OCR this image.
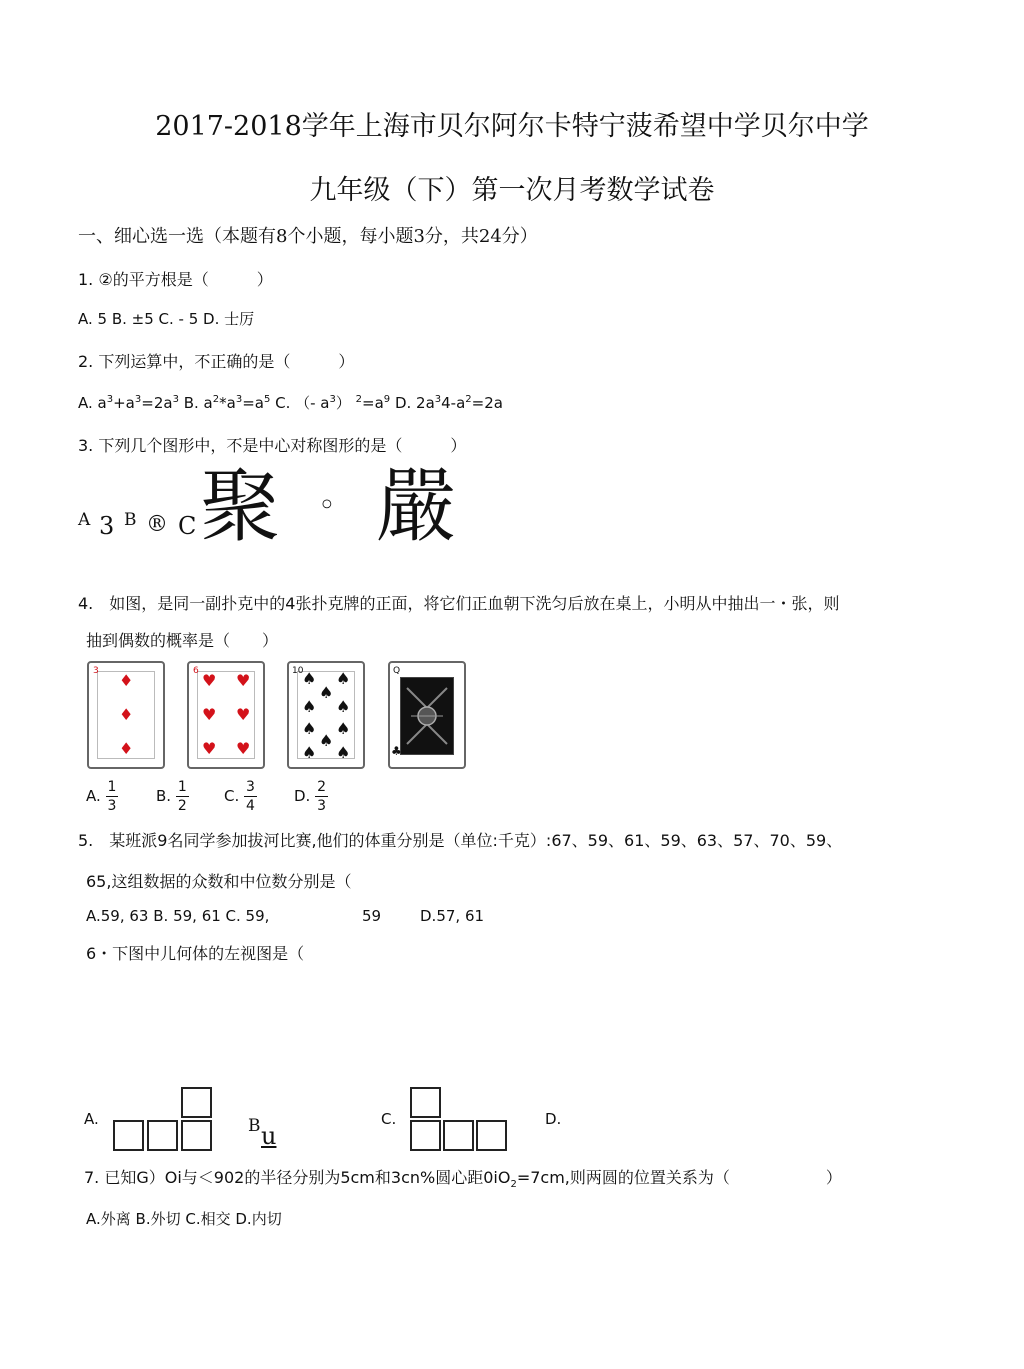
2017-2018学年上海市贝尔阿尔卡特宁菠希望中学贝尔中学
九年级（下）第一次月考数学试卷
一、细心选一选（本题有8个小题，每小题3分，共24分）
1. ②的平方根是（　　　）
A. 5 B. ±5 C. - 5 D. 士厉
2. 下列运算中，不正确的是（　　　）
A. $a^3+a^3=2a^3$ B. $a^2*a^3=a^5$ C. （- $a^3$） $^2=a^9$ D. $2a^34-a^2=2a$
3. 下列几个图形中，不是中心对称图形的是（　　　）
A 3 B ® C 聚 ◦ 嚴
4.　如图，是同一副扑克中的4张扑克牌的正面，将它们正血朝下洗匀后放在桌上，小明从中抽出一・张，则
抽到偶数的概率是（　　）
3 ♦
♦
♦
6 ♥ ♥
♥ ♥
♥ ♥
10
♠ ♠
♠
♠ ♠
♠ ♠
♠
♠ ♠
Q
♣
A. $\frac{1}{3}$	B. $\frac{1}{2} C$. $\frac{3}{4} D$. $\frac{2}{3}$
5.　某班派9名同学参加拔河比赛,他们的体重分别是（单位:千克）:67、59、61、59、63、57、70、59、
65,这组数据的众数和中位数分别是（
A.59, 63 B. 59, 61 C. 59,	59	D.57, 61
6・下图中儿何体的左视图是（
A.	B u
C.	D.
7. 已知G）Oi与＜902的半径分别为5cm和3cn%圆心距$0iO_2=7cm$,则两圆的位置关系为（　　　　　　）
A.外离 B.外切 C.相交 D.内切
